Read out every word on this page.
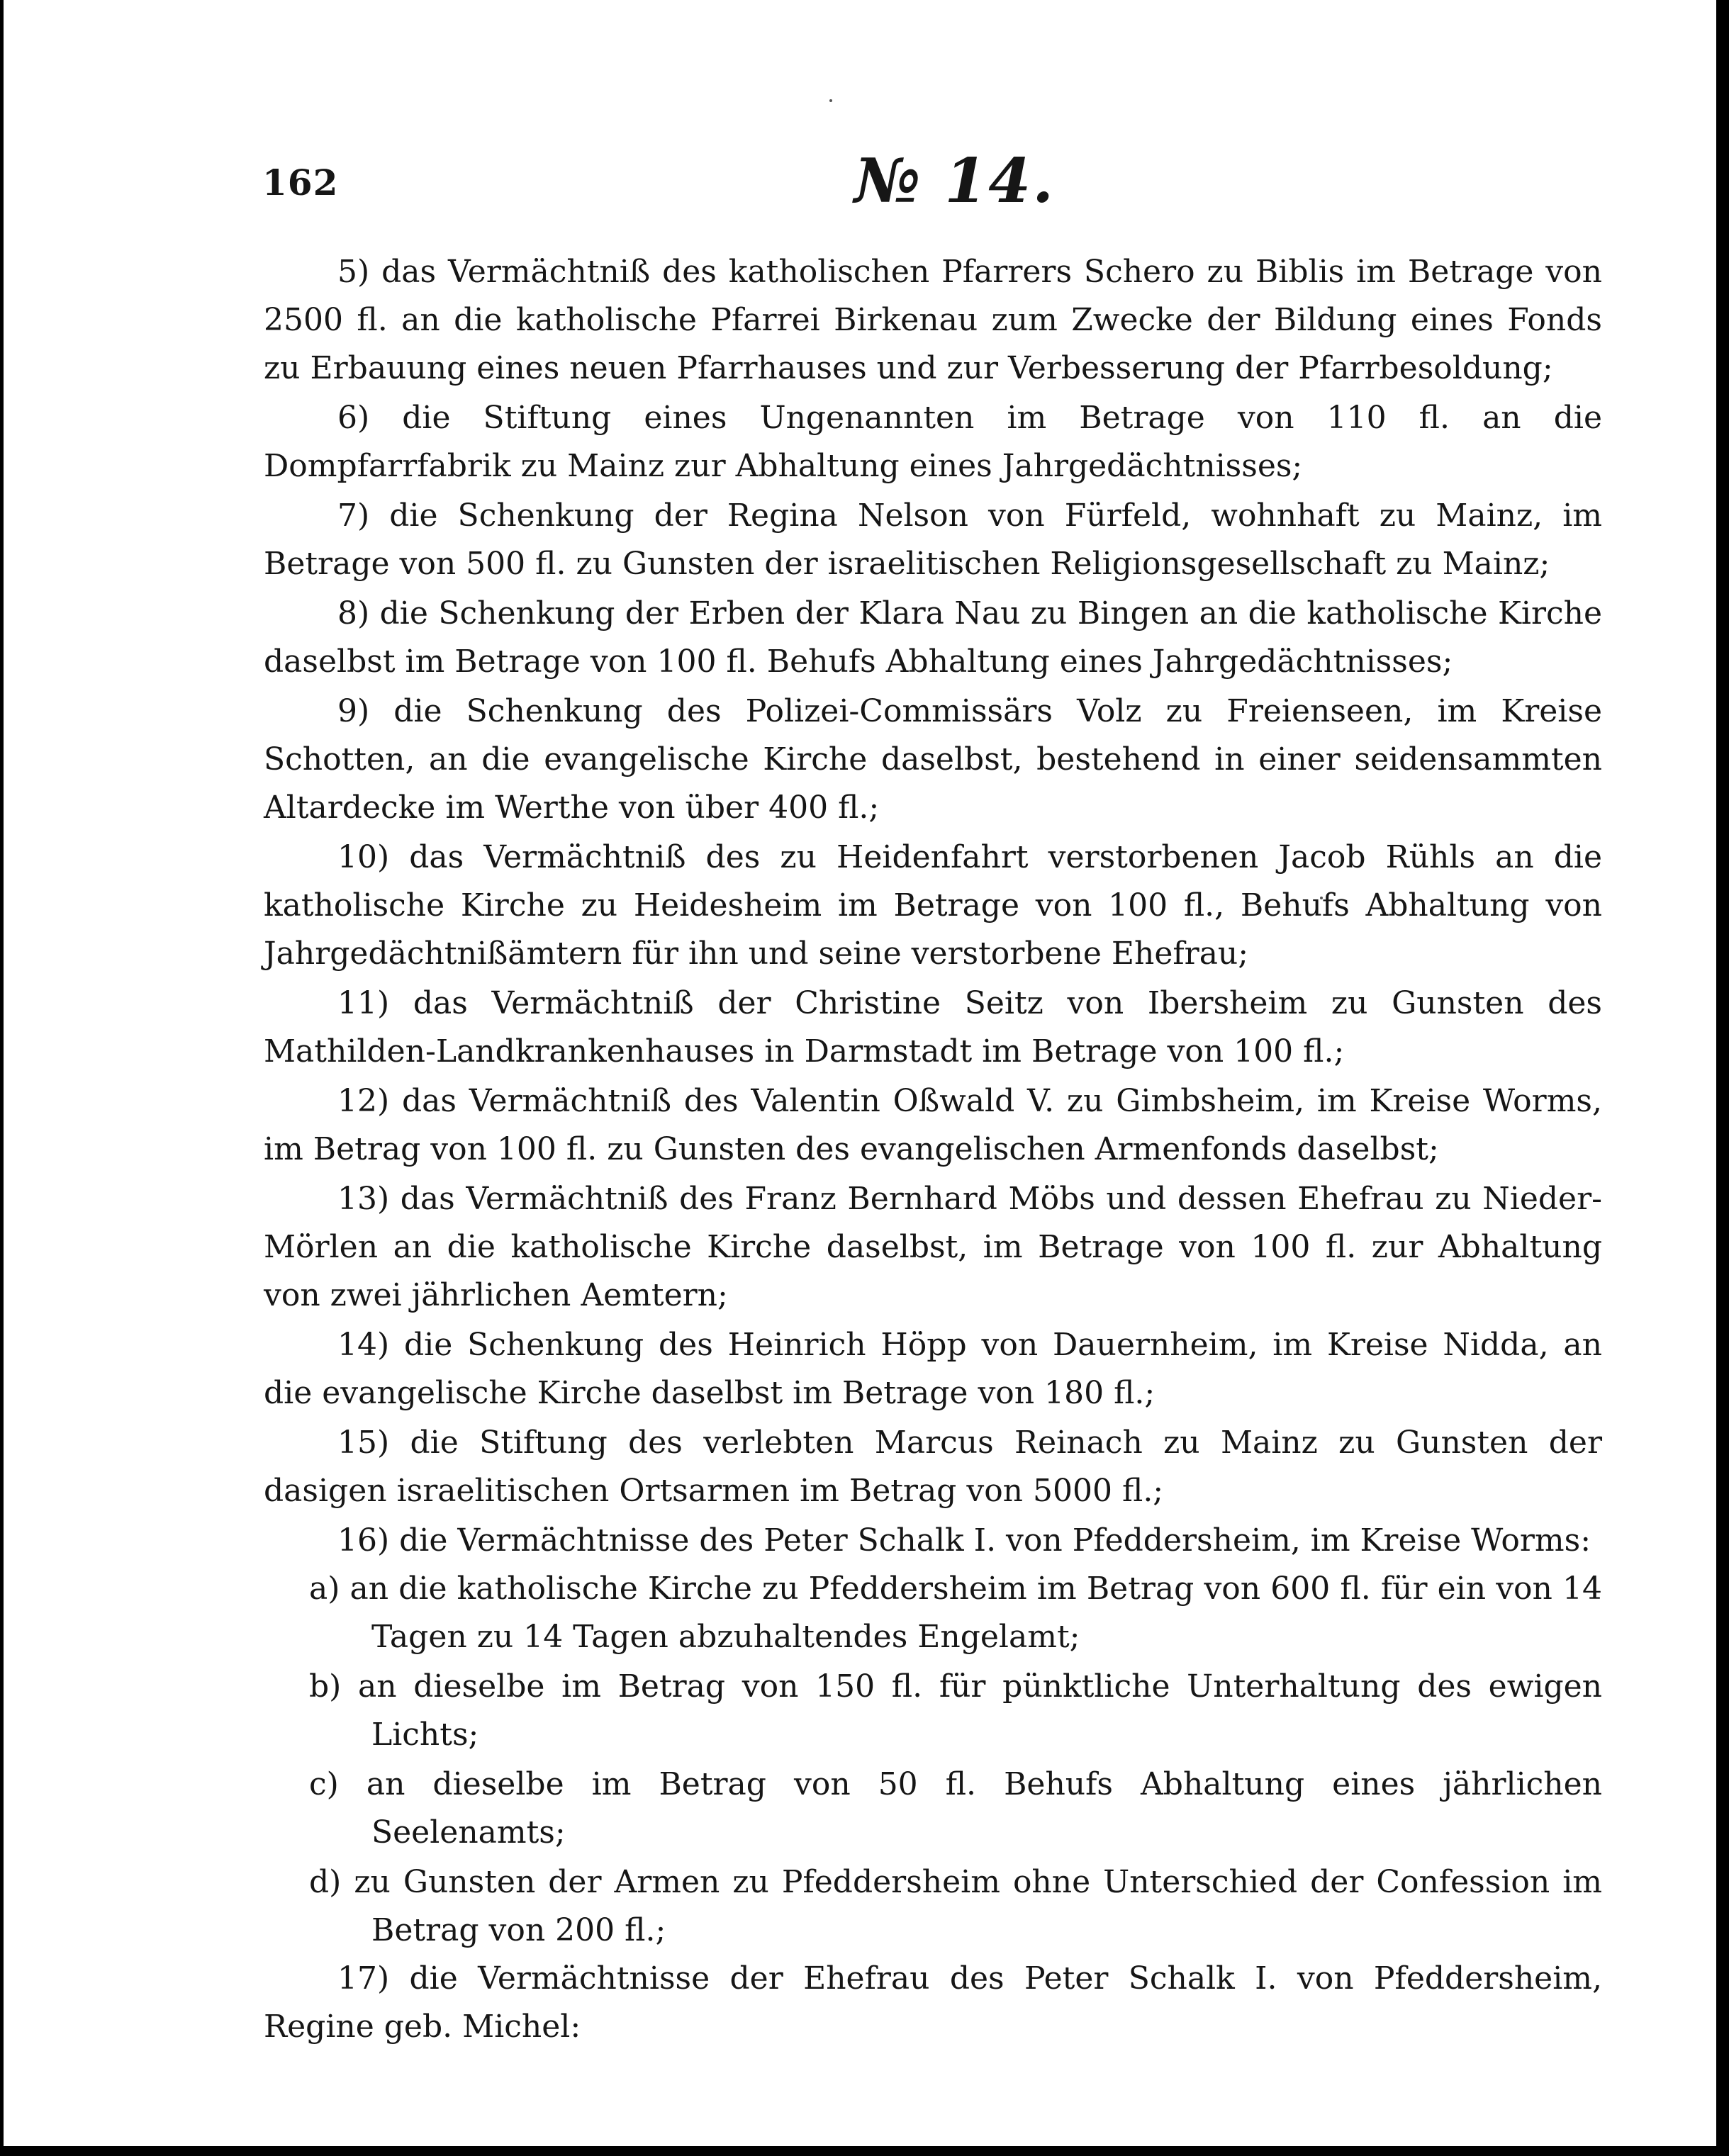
162	№ 14.

5) das Vermächtniß des katholischen Pfarrers Schero zu Biblis im Betrage von 2500 fl. an die katholische Pfarrei Birkenau zum Zwecke der Bildung eines Fonds zu Erbauung eines neuen Pfarrhauses und zur Verbesserung der Pfarrbesoldung;

6) die Stiftung eines Ungenannten im Betrage von 110 fl. an die Dompfarrfabrik zu Mainz zur Abhaltung eines Jahrgedächtnisses;

7) die Schenkung der Regina Nelson von Fürfeld, wohnhaft zu Mainz, im Betrage von 500 fl. zu Gunsten der israelitischen Religionsgesellschaft zu Mainz;

8) die Schenkung der Erben der Klara Nau zu Bingen an die katholische Kirche daselbst im Betrage von 100 fl. Behufs Abhaltung eines Jahrgedächtnisses;

9) die Schenkung des Polizei-Commissärs Volz zu Freienseen, im Kreise Schotten, an die evangelische Kirche daselbst, bestehend in einer seidensammten Altardecke im Werthe von über 400 fl.;

10) das Vermächtniß des zu Heidenfahrt verstorbenen Jacob Rühls an die katholische Kirche zu Heidesheim im Betrage von 100 fl., Behufs Abhaltung von Jahrgedächtnißämtern für ihn und seine verstorbene Ehefrau;

11) das Vermächtniß der Christine Seitz von Ibersheim zu Gunsten des Mathilden-Landkrankenhauses in Darmstadt im Betrage von 100 fl.;

12) das Vermächtniß des Valentin Oßwald V. zu Gimbsheim, im Kreise Worms, im Betrag von 100 fl. zu Gunsten des evangelischen Armenfonds daselbst;

13) das Vermächtniß des Franz Bernhard Möbs und dessen Ehefrau zu Nieder-Mörlen an die katholische Kirche daselbst, im Betrage von 100 fl. zur Abhaltung von zwei jährlichen Aemtern;

14) die Schenkung des Heinrich Höpp von Dauernheim, im Kreise Nidda, an die evangelische Kirche daselbst im Betrage von 180 fl.;

15) die Stiftung des verlebten Marcus Reinach zu Mainz zu Gunsten der dasigen israelitischen Ortsarmen im Betrag von 5000 fl.;

16) die Vermächtnisse des Peter Schalk I. von Pfeddersheim, im Kreise Worms:

a) an die katholische Kirche zu Pfeddersheim im Betrag von 600 fl. für ein von 14 Tagen zu 14 Tagen abzuhaltendes Engelamt;

b) an dieselbe im Betrag von 150 fl. für pünktliche Unterhaltung des ewigen Lichts;

c) an dieselbe im Betrag von 50 fl. Behufs Abhaltung eines jährlichen Seelenamts;

d) zu Gunsten der Armen zu Pfeddersheim ohne Unterschied der Confession im Betrag von 200 fl.;

17) die Vermächtnisse der Ehefrau des Peter Schalk I. von Pfeddersheim, Regine geb. Michel:
